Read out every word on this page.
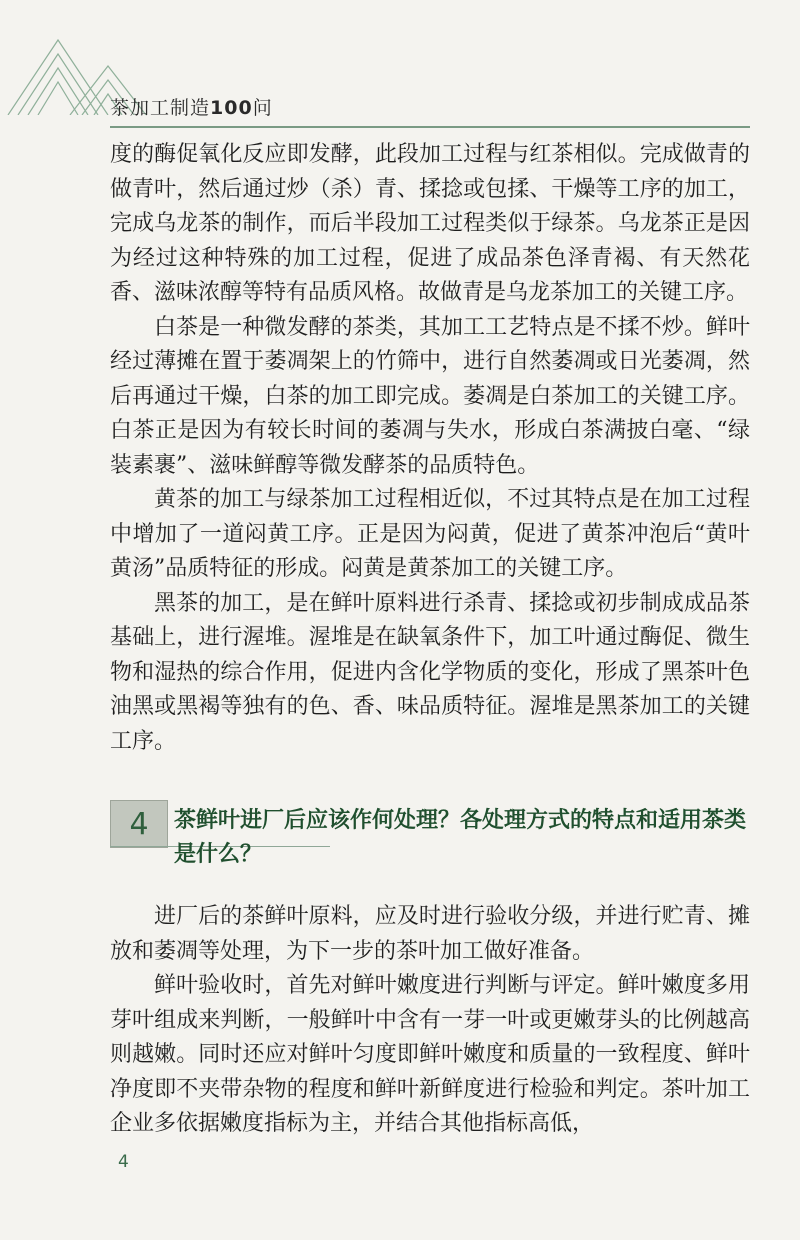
茶加工制造100问

度的酶促氧化反应即发酵，此段加工过程与红茶相似。完成做青的做青叶，然后通过炒（杀）青、揉捻或包揉、干燥等工序的加工，完成乌龙茶的制作，而后半段加工过程类似于绿茶。乌龙茶正是因为经过这种特殊的加工过程，促进了成品茶色泽青褐、有天然花香、滋味浓醇等特有品质风格。故做青是乌龙茶加工的关键工序。

白茶是一种微发酵的茶类，其加工工艺特点是不揉不炒。鲜叶经过薄摊在置于萎凋架上的竹筛中，进行自然萎凋或日光萎凋，然后再通过干燥，白茶的加工即完成。萎凋是白茶加工的关键工序。白茶正是因为有较长时间的萎凋与失水，形成白茶满披白毫、“绿装素裹”、滋味鲜醇等微发酵茶的品质特色。

黄茶的加工与绿茶加工过程相近似，不过其特点是在加工过程中增加了一道闷黄工序。正是因为闷黄，促进了黄茶冲泡后“黄叶黄汤”品质特征的形成。闷黄是黄茶加工的关键工序。

黑茶的加工，是在鲜叶原料进行杀青、揉捻或初步制成成品茶基础上，进行渥堆。渥堆是在缺氧条件下，加工叶通过酶促、微生物和湿热的综合作用，促进内含化学物质的变化，形成了黑茶叶色油黑或黑褐等独有的色、香、味品质特征。渥堆是黑茶加工的关键工序。

4	茶鲜叶进厂后应该作何处理？各处理方式的特点和适用茶类是什么？

进厂后的茶鲜叶原料，应及时进行验收分级，并进行贮青、摊放和萎凋等处理，为下一步的茶叶加工做好准备。

鲜叶验收时，首先对鲜叶嫩度进行判断与评定。鲜叶嫩度多用芽叶组成来判断，一般鲜叶中含有一芽一叶或更嫩芽头的比例越高则越嫩。同时还应对鲜叶匀度即鲜叶嫩度和质量的一致程度、鲜叶净度即不夹带杂物的程度和鲜叶新鲜度进行检验和判定。茶叶加工企业多依据嫩度指标为主，并结合其他指标高低，

4
